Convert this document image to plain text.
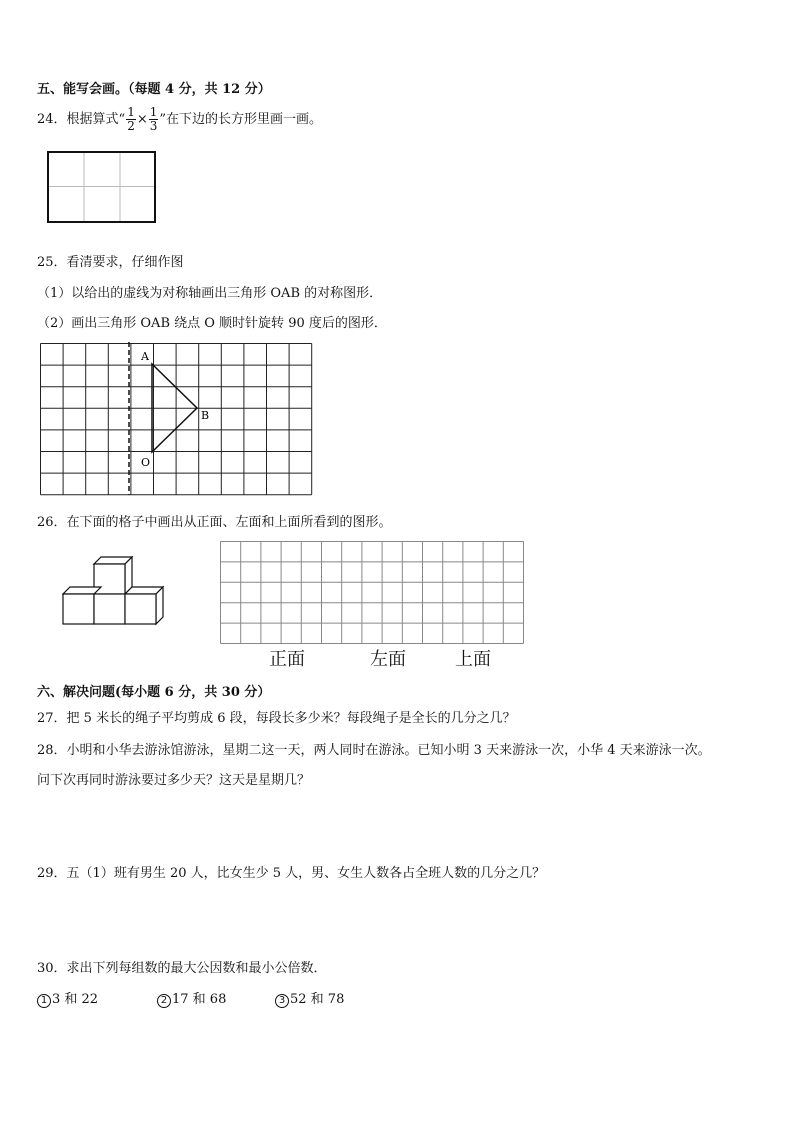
五、能写会画。（每题 4 分，共 12 分）
24．根据算式“ $\frac{1}{2} \times \frac{1}{3}$ ”在下边的长方形里画一画。
25．看清要求，仔细作图
（1）以给出的虚线为对称轴画出三角形 OAB 的对称图形．
（2）画出三角形 OAB 绕点 O 顺时针旋转 90 度后的图形．
A
B
O
26．在下面的格子中画出从正面、左面和上面所看到的图形。
正面	左面	上面
六、解决问题(每小题 6 分，共 30 分）
27．把 5 米长的绳子平均剪成 6 段，每段长多少米？每段绳子是全长的几分之几？
28．小明和小华去游泳馆游泳，星期二这一天，两人同时在游泳。已知小明 3 天来游泳一次，小华 4 天来游泳一次。
问下次再同时游泳要过多少天？这天是星期几？
29．五（1）班有男生 20 人，比女生少 5 人，男、女生人数各占全班人数的几分之几？
30．求出下列每组数的最大公因数和最小公倍数．
1 3 和 22	2 17 和 68	3 52 和 78
